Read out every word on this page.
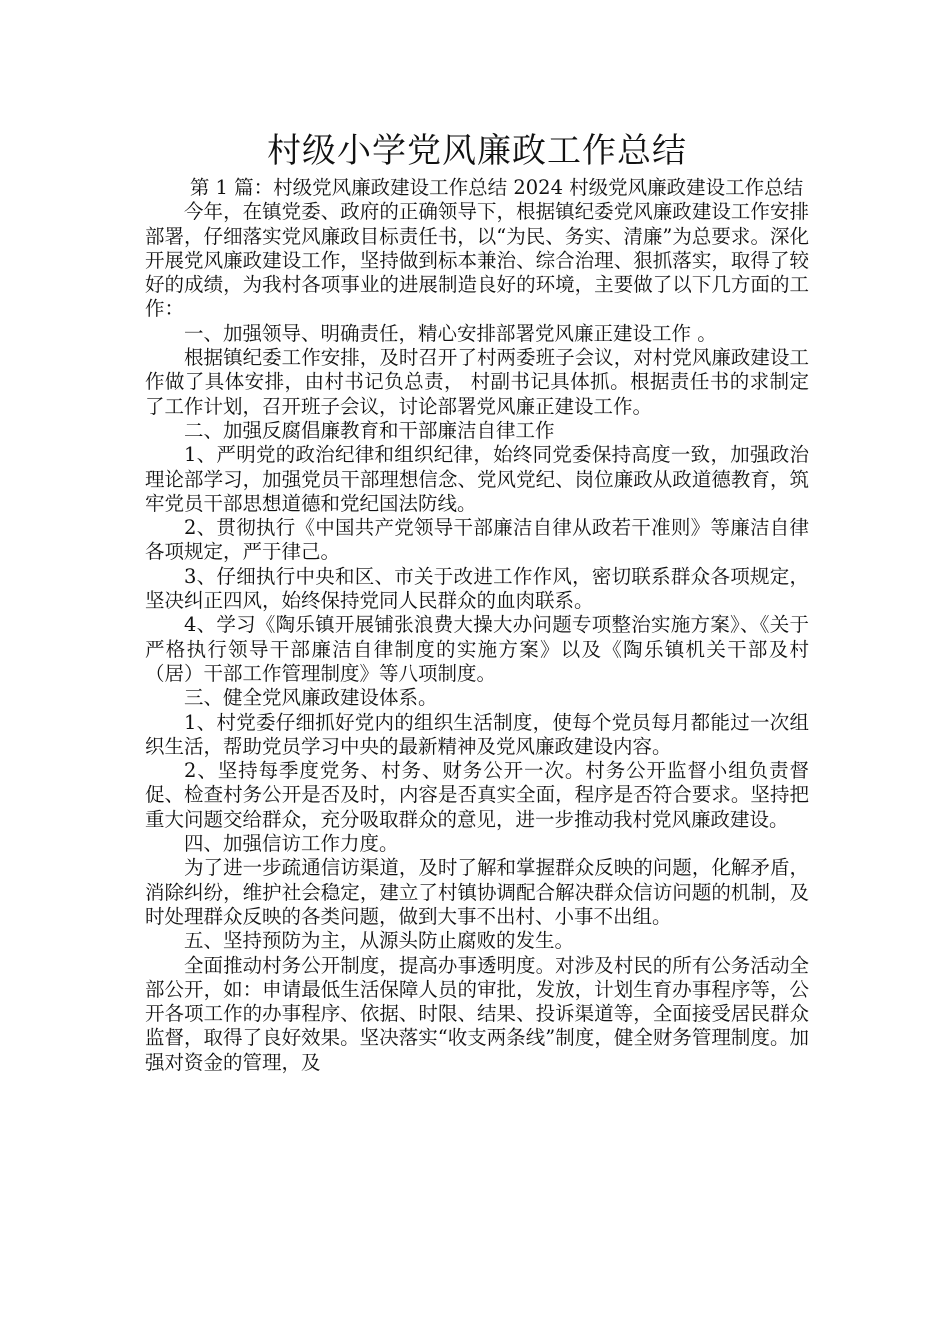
村级小学党风廉政工作总结

第 1 篇：村级党风廉政建设工作总结 2024 村级党风廉政建设工作总结

今年，在镇党委、政府的正确领导下，根据镇纪委党风廉政建设工作安排部署，仔细落实党风廉政目标责任书，以“为民、务实、清廉”为总要求。深化开展党风廉政建设工作，坚持做到标本兼治、综合治理、狠抓落实，取得了较好的成绩，为我村各项事业的进展制造良好的环境，主要做了以下几方面的工作：

一、加强领导、明确责任，精心安排部署党风廉正建设工作 。

根据镇纪委工作安排，及时召开了村两委班子会议，对村党风廉政建设工作做了具体安排，由村书记负总责， 村副书记具体抓。根据责任书的求制定了工作计划，召开班子会议，讨论部署党风廉正建设工作。

二、加强反腐倡廉教育和干部廉洁自律工作

1、严明党的政治纪律和组织纪律，始终同党委保持高度一致，加强政治理论部学习，加强党员干部理想信念、党风党纪、岗位廉政从政道德教育，筑牢党员干部思想道德和党纪国法防线。

2、贯彻执行《中国共产党领导干部廉洁自律从政若干准则》等廉洁自律各项规定，严于律己。

3、仔细执行中央和区、市关于改进工作作风，密切联系群众各项规定，坚决纠正四风，始终保持党同人民群众的血肉联系。

4、学习《陶乐镇开展铺张浪费大操大办问题专项整治实施方案》、《关于严格执行领导干部廉洁自律制度的实施方案》以及《陶乐镇机关干部及村（居）干部工作管理制度》等八项制度。

三、健全党风廉政建设体系。

1、村党委仔细抓好党内的组织生活制度，使每个党员每月都能过一次组织生活，帮助党员学习中央的最新精神及党风廉政建设内容。

2、坚持每季度党务、村务、财务公开一次。村务公开监督小组负责督促、检查村务公开是否及时，内容是否真实全面，程序是否符合要求。坚持把重大问题交给群众，充分吸取群众的意见，进一步推动我村党风廉政建设。

四、加强信访工作力度。

为了进一步疏通信访渠道，及时了解和掌握群众反映的问题，化解矛盾，消除纠纷，维护社会稳定，建立了村镇协调配合解决群众信访问题的机制，及时处理群众反映的各类问题，做到大事不出村、小事不出组。

五、坚持预防为主，从源头防止腐败的发生。

全面推动村务公开制度，提高办事透明度。对涉及村民的所有公务活动全部公开，如：申请最低生活保障人员的审批，发放，计划生育办事程序等，公开各项工作的办事程序、依据、时限、结果、投诉渠道等，全面接受居民群众监督，取得了良好效果。坚决落实“收支两条线”制度，健全财务管理制度。加强对资金的管理，及
